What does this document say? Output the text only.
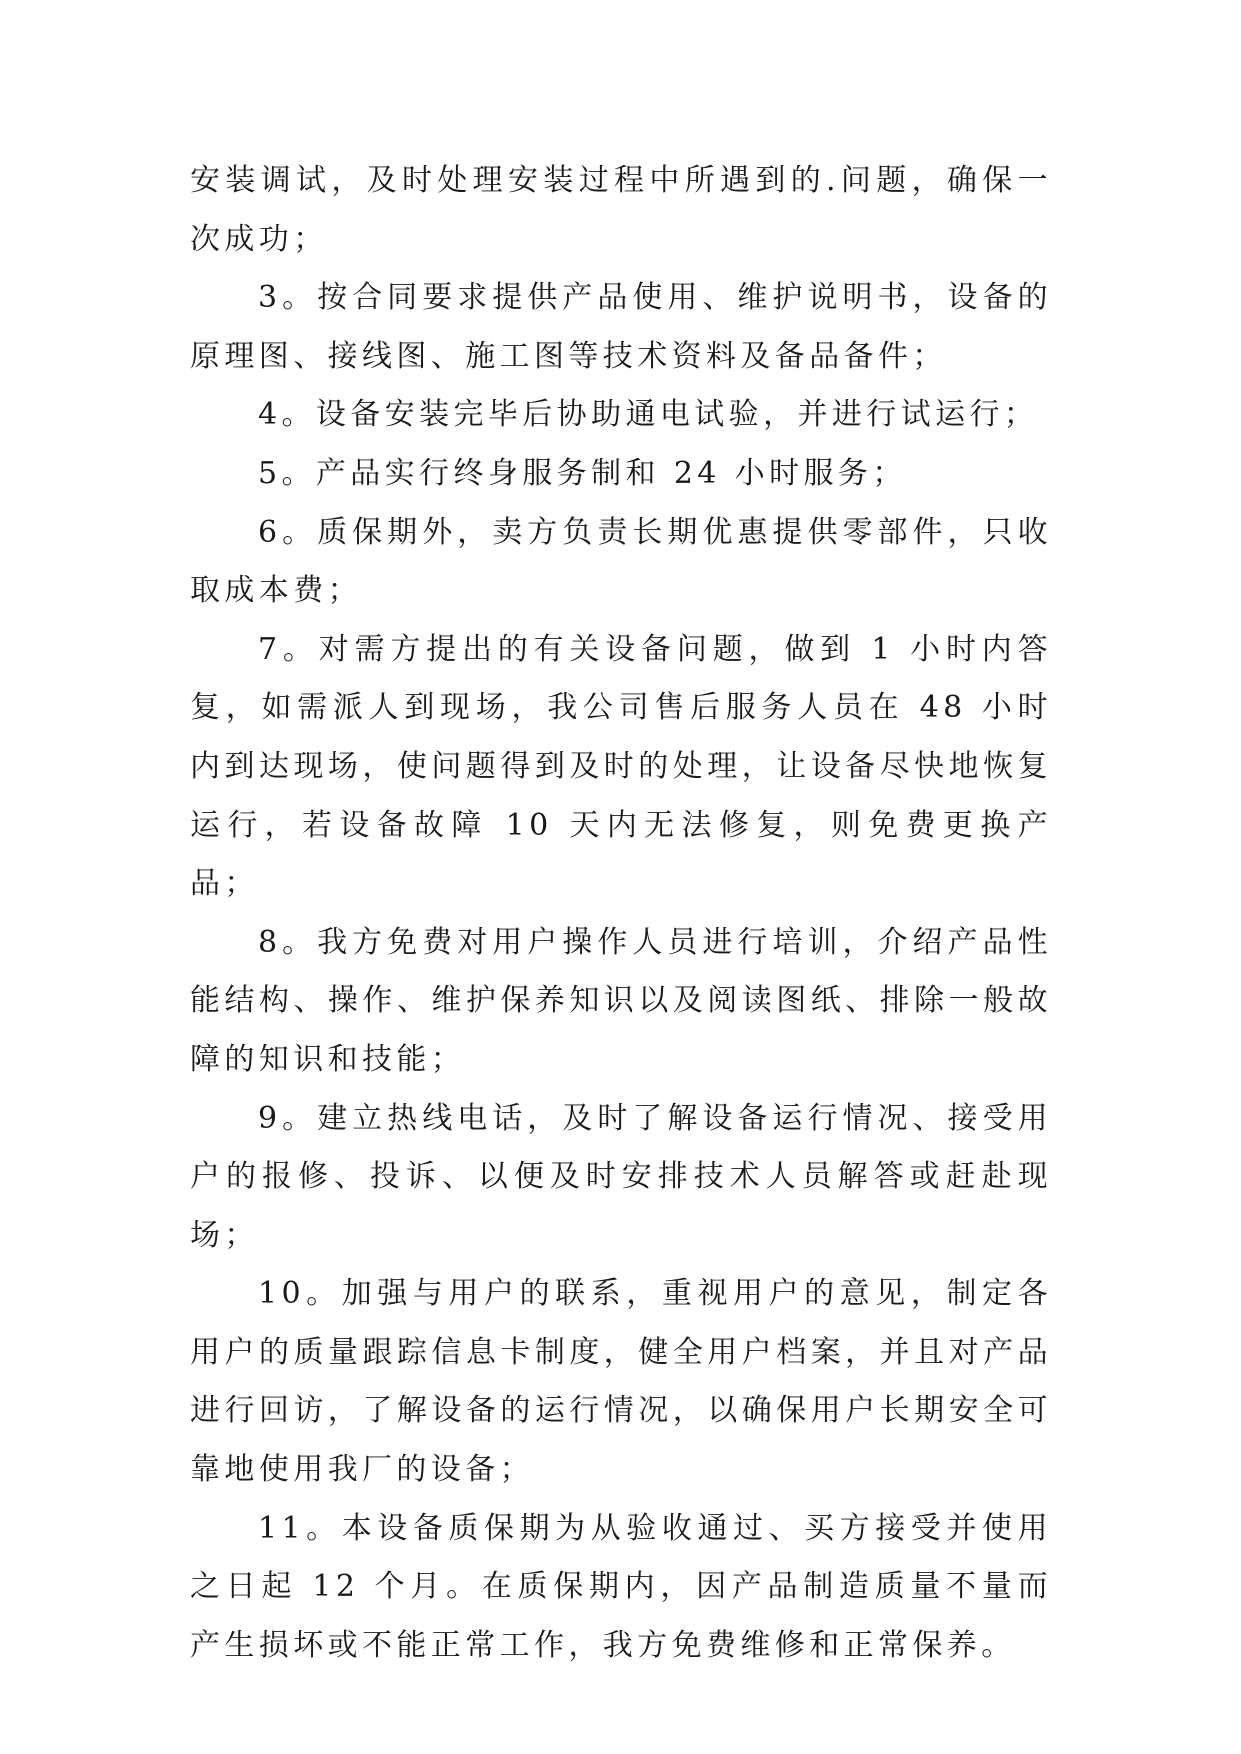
安装调试，及时处理安装过程中所遇到的.问题，确保一次成功；

3。按合同要求提供产品使用、维护说明书，设备的原理图、接线图、施工图等技术资料及备品备件；

4。设备安装完毕后协助通电试验，并进行试运行；

5。产品实行终身服务制和 24 小时服务；

6。质保期外，卖方负责长期优惠提供零部件，只收取成本费；

7。对需方提出的有关设备问题，做到 1 小时内答复，如需派人到现场，我公司售后服务人员在 48 小时内到达现场，使问题得到及时的处理，让设备尽快地恢复运行，若设备故障 10 天内无法修复，则免费更换产品；

8。我方免费对用户操作人员进行培训，介绍产品性能结构、操作、维护保养知识以及阅读图纸、排除一般故障的知识和技能；

9。建立热线电话，及时了解设备运行情况、接受用户的报修、投诉、以便及时安排技术人员解答或赶赴现场；

10。加强与用户的联系，重视用户的意见，制定各用户的质量跟踪信息卡制度，健全用户档案，并且对产品进行回访，了解设备的运行情况，以确保用户长期安全可靠地使用我厂的设备；

11。本设备质保期为从验收通过、买方接受并使用之日起 12 个月。在质保期内，因产品制造质量不量而产生损坏或不能正常工作，我方免费维修和正常保养。
